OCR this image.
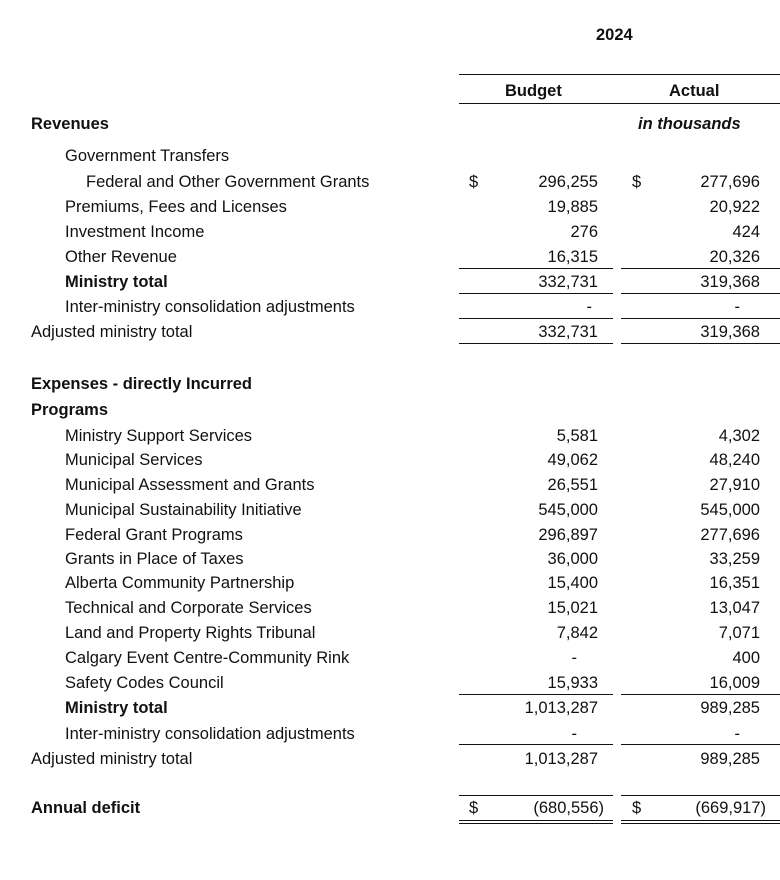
2024
Budget	Actual
in thousands
Revenues
Government Transfers
Federal and Other Government Grants	$	296,255 $	277,696
Premiums, Fees and Licenses	19,885	20,922
Investment Income	276	424
Other Revenue	16,315	20,326
Ministry total	332,731	319,368
Inter-ministry consolidation adjustments	-	-
Adjusted ministry total	332,731	319,368
Expenses - directly Incurred
Programs
Ministry Support Services	5,581	4,302
Municipal Services	49,062	48,240
Municipal Assessment and Grants	26,551	27,910
Municipal Sustainability Initiative	545,000	545,000
Federal Grant Programs	296,897	277,696
Grants in Place of Taxes	36,000	33,259
Alberta Community Partnership	15,400	16,351
Technical and Corporate Services	15,021	13,047
Land and Property Rights Tribunal	7,842	7,071
Calgary Event Centre-Community Rink	-	400
Safety Codes Council	15,933	16,009
Ministry total	1,013,287	989,285
Inter-ministry consolidation adjustments	-	-
Adjusted ministry total	1,013,287	989,285
Annual deficit	$	(680,556) $	(669,917)
